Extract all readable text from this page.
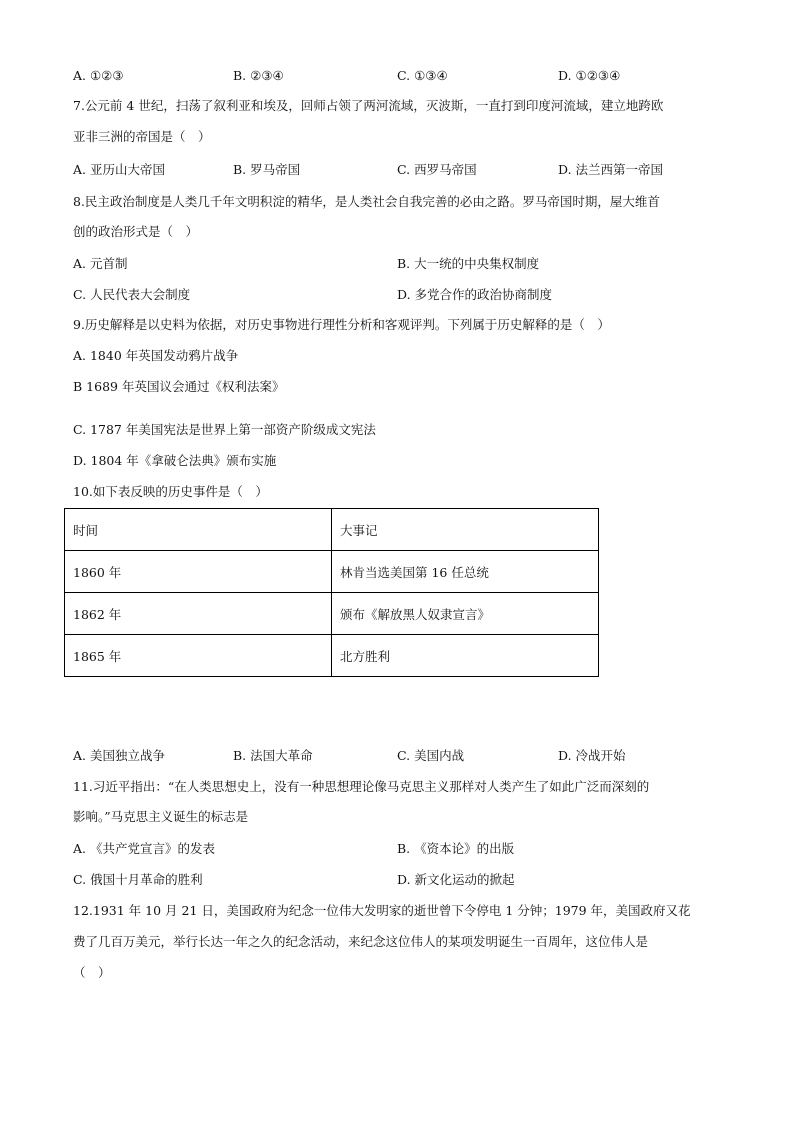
A. ①②③	B. ②③④	C. ①③④	D. ①②③④
7.公元前 4 世纪，扫荡了叙利亚和埃及，回师占领了两河流域，灭波斯，一直打到印度河流域，建立地跨欧
亚非三洲的帝国是（　）
A. 亚历山大帝国	B. 罗马帝国	C. 西罗马帝国	D. 法兰西第一帝国
8.民主政治制度是人类几千年文明积淀的精华，是人类社会自我完善的必由之路。罗马帝国时期，屋大维首
创的政治形式是（　）
A. 元首制	B. 大一统的中央集权制度
C. 人民代表大会制度	D. 多党合作的政治协商制度
9.历史解释是以史料为依据，对历史事物进行理性分析和客观评判。下列属于历史解释的是（　）
A. 1840 年英国发动鸦片战争
B 1689 年英国议会通过《权利法案》
C. 1787 年美国宪法是世界上第一部资产阶级成文宪法
D. 1804 年《拿破仑法典》颁布实施
10.如下表反映的历史事件是（　）
时间	大事记
1860 年	林肯当选美国第 16 任总统
1862 年	颁布《解放黑人奴隶宣言》
1865 年	北方胜利
A. 美国独立战争	B. 法国大革命	C. 美国内战	D. 冷战开始
11.习近平指出：“在人类思想史上，没有一种思想理论像马克思主义那样对人类产生了如此广泛而深刻的
影响。”马克思主义诞生的标志是
A. 《共产党宣言》的发表	B. 《资本论》的出版
C. 俄国十月革命的胜利	D. 新文化运动的掀起
12.1931 年 10 月 21 日，美国政府为纪念一位伟大发明家的逝世曾下令停电 1 分钟；1979 年，美国政府又花
费了几百万美元，举行长达一年之久的纪念活动，来纪念这位伟人的某项发明诞生一百周年，这位伟人是
（　）
